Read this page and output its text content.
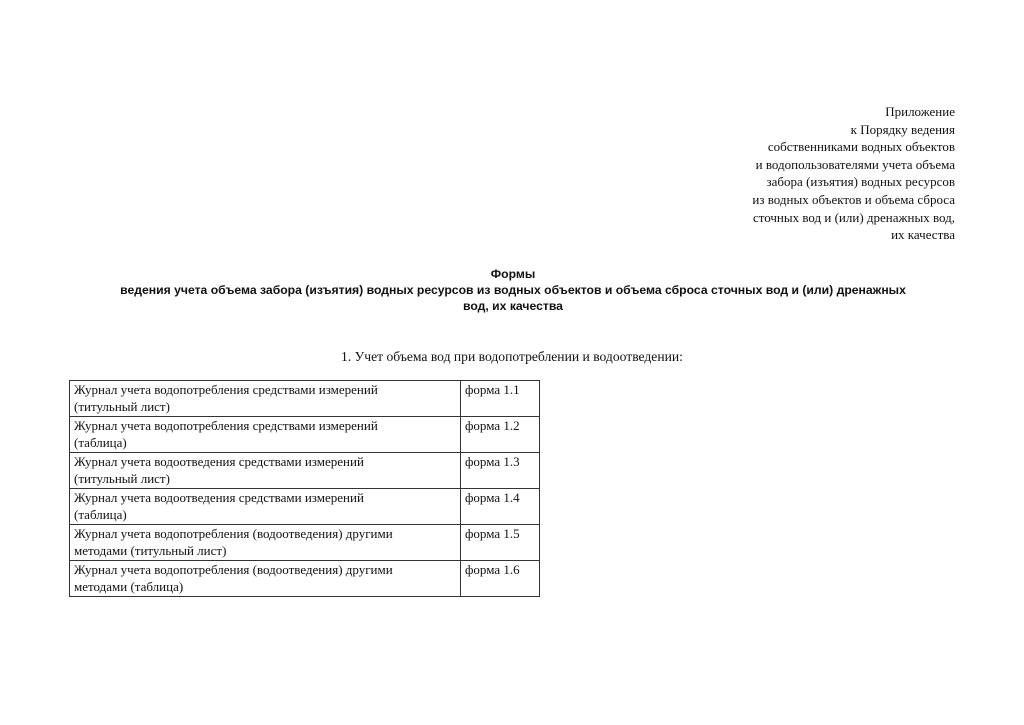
Приложение
к Порядку ведения
собственниками водных объектов
и водопользователями учета объема
забора (изъятия) водных ресурсов
из водных объектов и объема сброса
сточных вод и (или) дренажных вод,
их качества
Формы
ведения учета объема забора (изъятия) водных ресурсов из водных объектов и объема сброса сточных вод и (или) дренажных
вод, их качества
1. Учет объема вод при водопотреблении и водоотведении:
Журнал учета водопотребления средствами измерений
(титульный лист)	форма 1.1

Журнал учета водопотребления средствами измерений
(таблица)	форма 1.2

Журнал учета водоотведения средствами измерений
(титульный лист)	форма 1.3

Журнал учета водоотведения средствами измерений
(таблица)	форма 1.4

Журнал учета водопотребления (водоотведения) другими
методами (титульный лист)	форма 1.5

Журнал учета водопотребления (водоотведения) другими
методами (таблица)	форма 1.6
